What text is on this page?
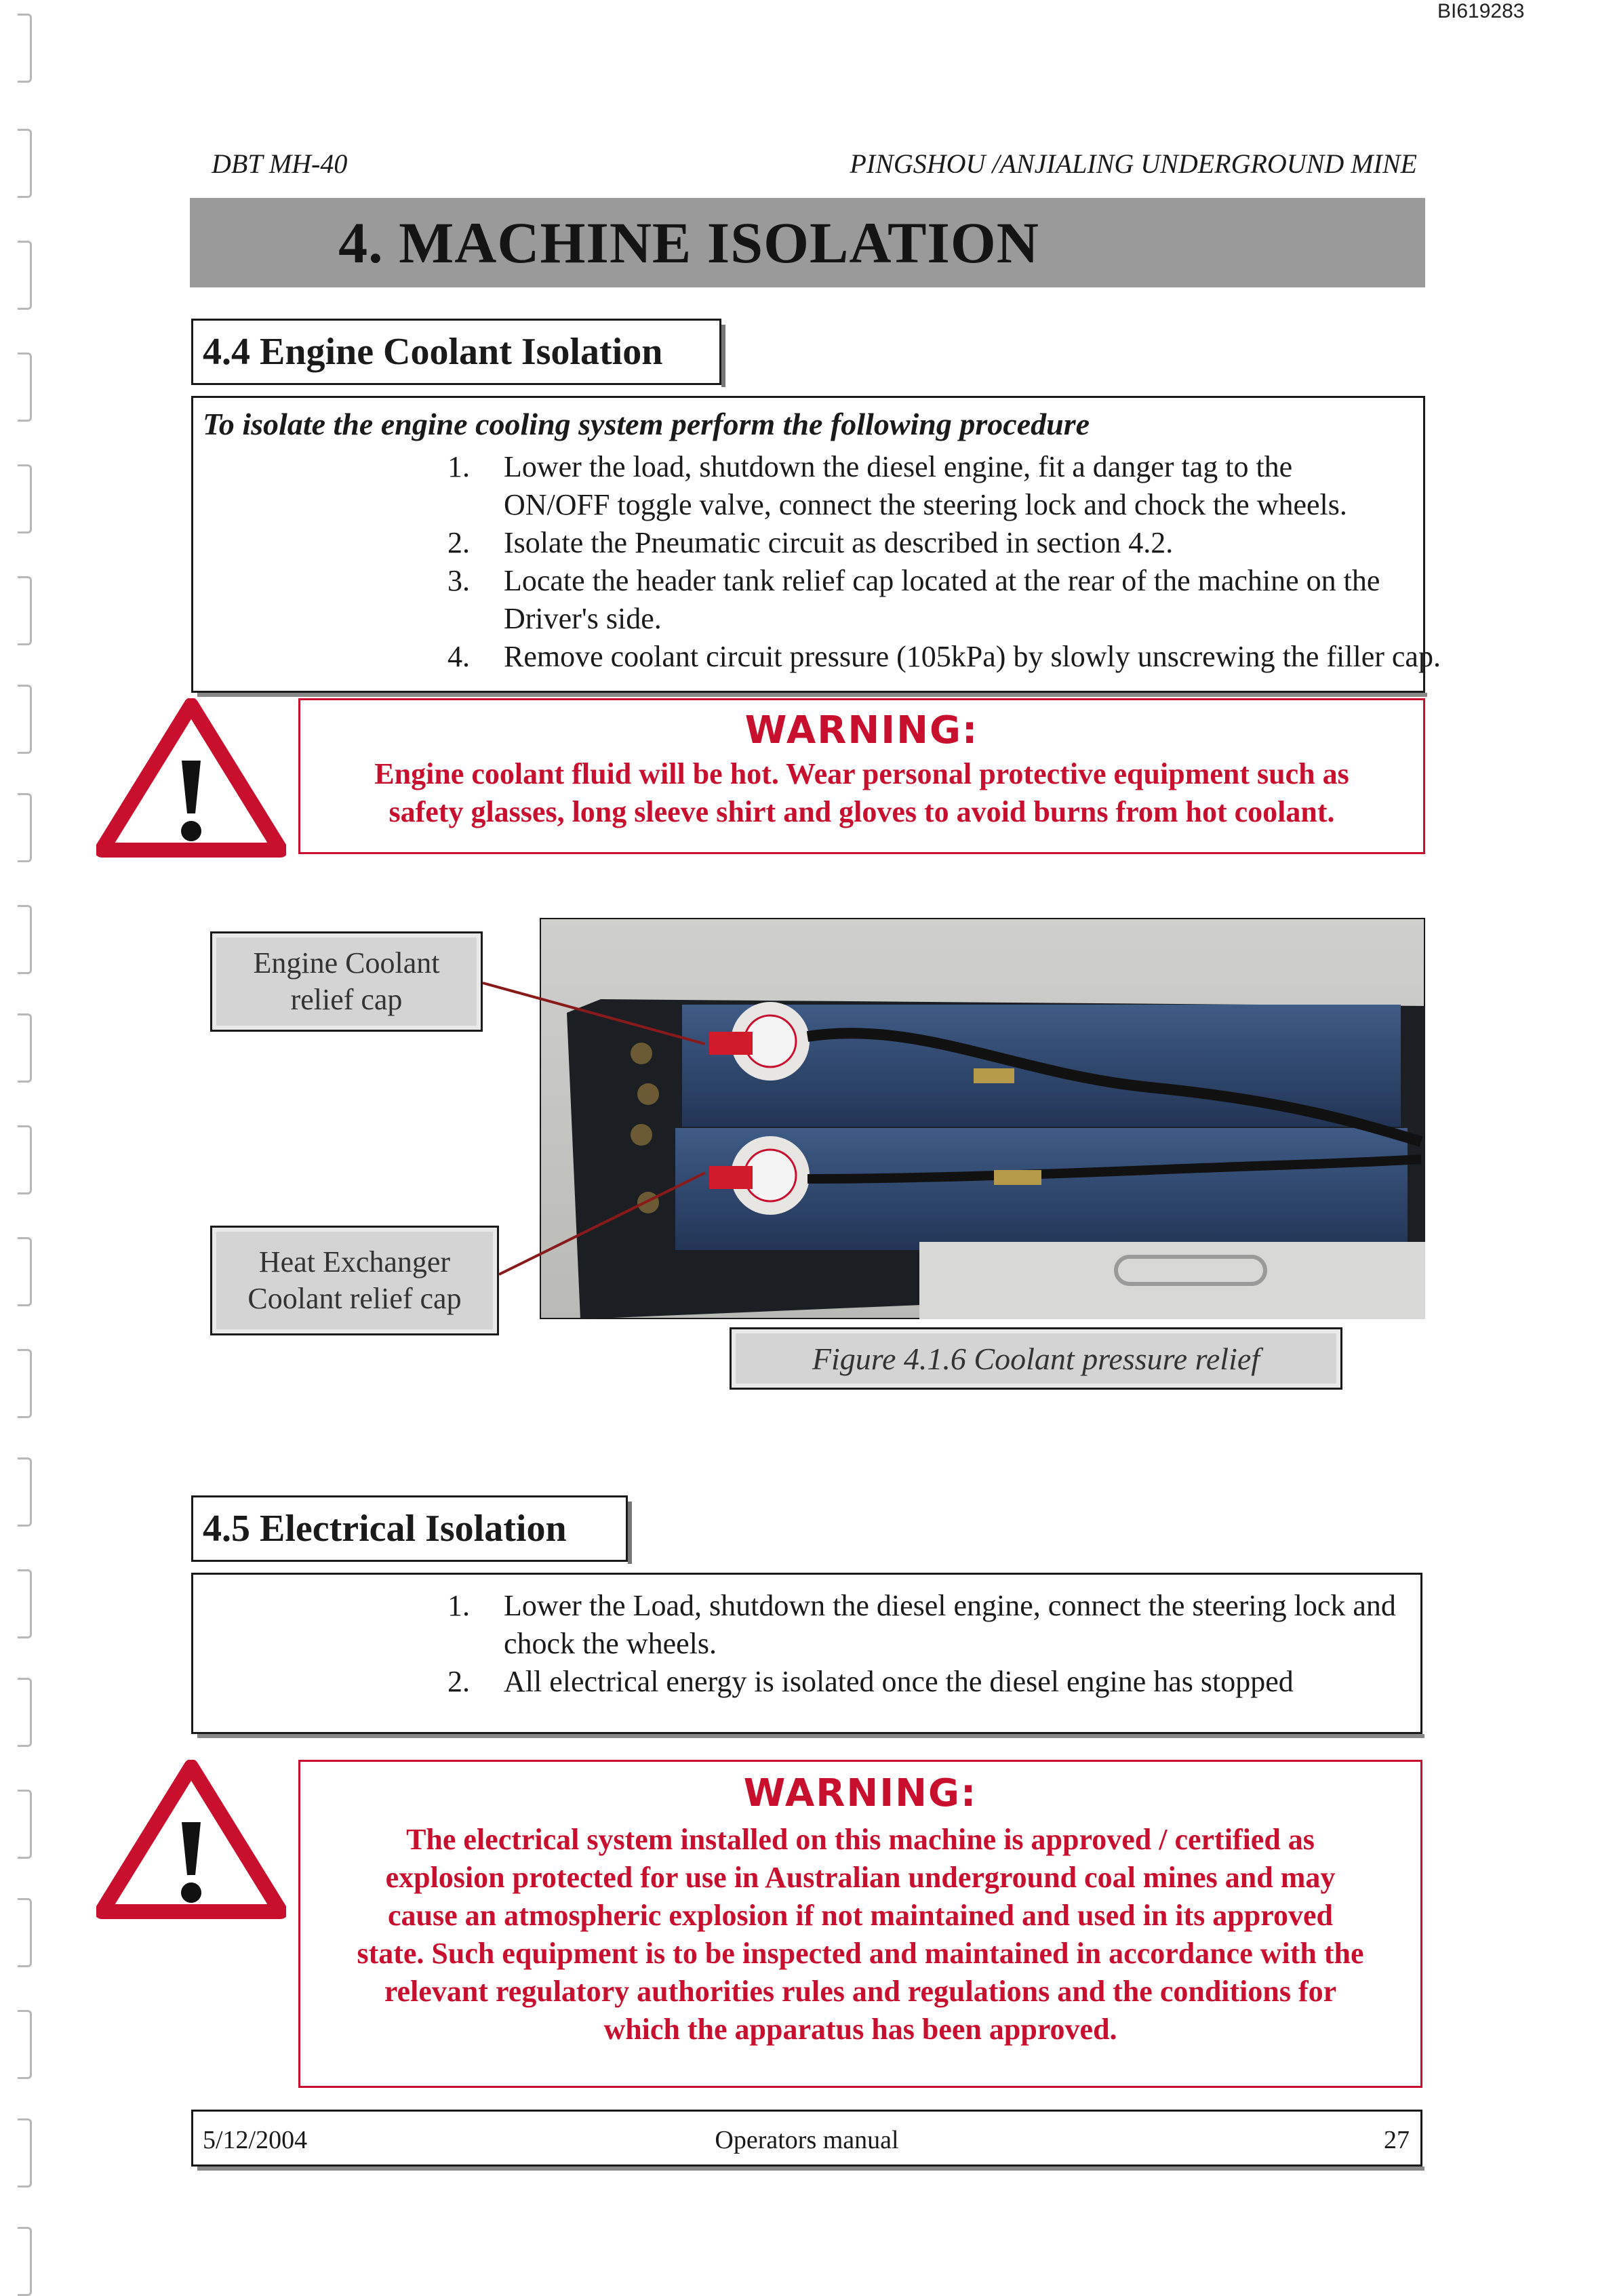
BI619283
DBT MH-40	PINGSHOU /ANJIALING UNDERGROUND MINE
4. MACHINE ISOLATION
4.4 Engine Coolant Isolation
To isolate the engine cooling system perform the following procedure
1. Lower the load, shutdown the diesel engine, fit a danger tag to the
ON/OFF toggle valve, connect the steering lock and chock the wheels.
2. Isolate the Pneumatic circuit as described in section 4.2.
3. Locate the header tank relief cap located at the rear of the machine on the
Driver's side.
4. Remove coolant circuit pressure (105kPa) by slowly unscrewing the filler cap.
WARNING:
Engine coolant fluid will be hot. Wear personal protective equipment such as
safety glasses, long sleeve shirt and gloves to avoid burns from hot coolant.
Engine Coolant
relief cap
Heat Exchanger
Coolant relief cap
Figure 4.1.6 Coolant pressure relief
4.5 Electrical Isolation
1. Lower the Load, shutdown the diesel engine, connect the steering lock and
chock the wheels.
2. All electrical energy is isolated once the diesel engine has stopped
WARNING:
The electrical system installed on this machine is approved / certified as
explosion protected for use in Australian underground coal mines and may
cause an atmospheric explosion if not maintained and used in its approved
state. Such equipment is to be inspected and maintained in accordance with the
relevant regulatory authorities rules and regulations and the conditions for
which the apparatus has been approved.
5/12/2004	Operators manual	27
